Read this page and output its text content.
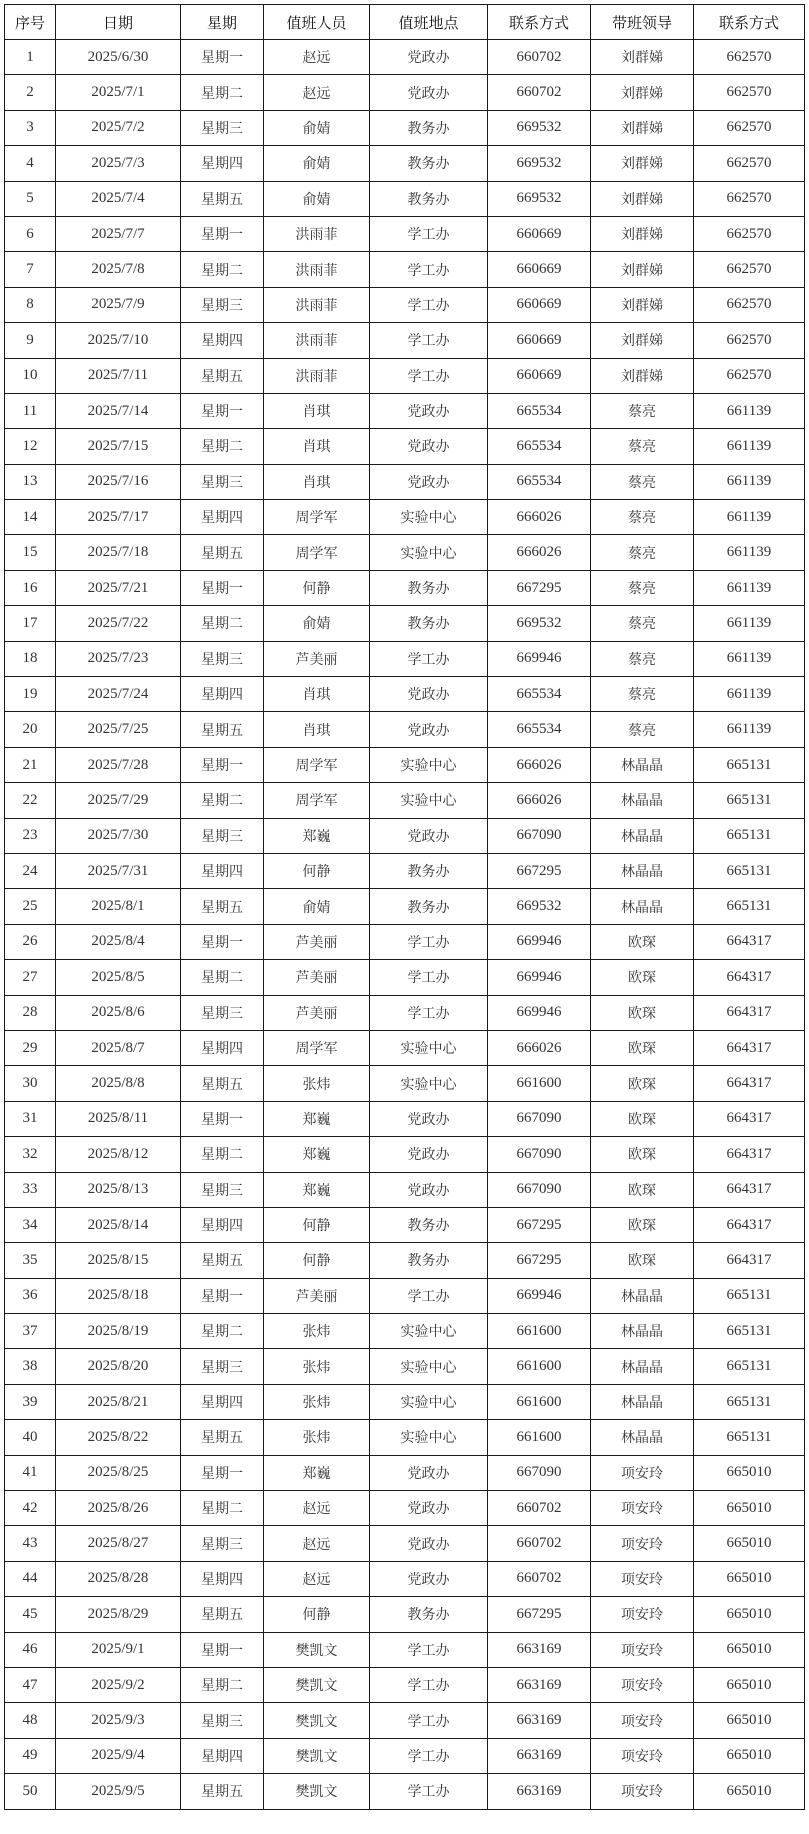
序号	日期	星期	值班人员	值班地点	联系方式	带班领导	联系方式
1	2025/6/30	星期一	赵远	党政办	660702	刘群娣	662570
2	2025/7/1	星期二	赵远	党政办	660702	刘群娣	662570
3	2025/7/2	星期三	俞婧	教务办	669532	刘群娣	662570
4	2025/7/3	星期四	俞婧	教务办	669532	刘群娣	662570
5	2025/7/4	星期五	俞婧	教务办	669532	刘群娣	662570
6	2025/7/7	星期一	洪雨菲	学工办	660669	刘群娣	662570
7	2025/7/8	星期二	洪雨菲	学工办	660669	刘群娣	662570
8	2025/7/9	星期三	洪雨菲	学工办	660669	刘群娣	662570
9	2025/7/10	星期四	洪雨菲	学工办	660669	刘群娣	662570
10	2025/7/11	星期五	洪雨菲	学工办	660669	刘群娣	662570
11	2025/7/14	星期一	肖琪	党政办	665534	蔡亮	661139
12	2025/7/15	星期二	肖琪	党政办	665534	蔡亮	661139
13	2025/7/16	星期三	肖琪	党政办	665534	蔡亮	661139
14	2025/7/17	星期四	周学军	实验中心	666026	蔡亮	661139
15	2025/7/18	星期五	周学军	实验中心	666026	蔡亮	661139
16	2025/7/21	星期一	何静	教务办	667295	蔡亮	661139
17	2025/7/22	星期二	俞婧	教务办	669532	蔡亮	661139
18	2025/7/23	星期三	芦美丽	学工办	669946	蔡亮	661139
19	2025/7/24	星期四	肖琪	党政办	665534	蔡亮	661139
20	2025/7/25	星期五	肖琪	党政办	665534	蔡亮	661139
21	2025/7/28	星期一	周学军	实验中心	666026	林晶晶	665131
22	2025/7/29	星期二	周学军	实验中心	666026	林晶晶	665131
23	2025/7/30	星期三	郑巍	党政办	667090	林晶晶	665131
24	2025/7/31	星期四	何静	教务办	667295	林晶晶	665131
25	2025/8/1	星期五	俞婧	教务办	669532	林晶晶	665131
26	2025/8/4	星期一	芦美丽	学工办	669946	欧琛	664317
27	2025/8/5	星期二	芦美丽	学工办	669946	欧琛	664317
28	2025/8/6	星期三	芦美丽	学工办	669946	欧琛	664317
29	2025/8/7	星期四	周学军	实验中心	666026	欧琛	664317
30	2025/8/8	星期五	张炜	实验中心	661600	欧琛	664317
31	2025/8/11	星期一	郑巍	党政办	667090	欧琛	664317
32	2025/8/12	星期二	郑巍	党政办	667090	欧琛	664317
33	2025/8/13	星期三	郑巍	党政办	667090	欧琛	664317
34	2025/8/14	星期四	何静	教务办	667295	欧琛	664317
35	2025/8/15	星期五	何静	教务办	667295	欧琛	664317
36	2025/8/18	星期一	芦美丽	学工办	669946	林晶晶	665131
37	2025/8/19	星期二	张炜	实验中心	661600	林晶晶	665131
38	2025/8/20	星期三	张炜	实验中心	661600	林晶晶	665131
39	2025/8/21	星期四	张炜	实验中心	661600	林晶晶	665131
40	2025/8/22	星期五	张炜	实验中心	661600	林晶晶	665131
41	2025/8/25	星期一	郑巍	党政办	667090	项安玲	665010
42	2025/8/26	星期二	赵远	党政办	660702	项安玲	665010
43	2025/8/27	星期三	赵远	党政办	660702	项安玲	665010
44	2025/8/28	星期四	赵远	党政办	660702	项安玲	665010
45	2025/8/29	星期五	何静	教务办	667295	项安玲	665010
46	2025/9/1	星期一	樊凯文	学工办	663169	项安玲	665010
47	2025/9/2	星期二	樊凯文	学工办	663169	项安玲	665010
48	2025/9/3	星期三	樊凯文	学工办	663169	项安玲	665010
49	2025/9/4	星期四	樊凯文	学工办	663169	项安玲	665010
50	2025/9/5	星期五	樊凯文	学工办	663169	项安玲	665010
